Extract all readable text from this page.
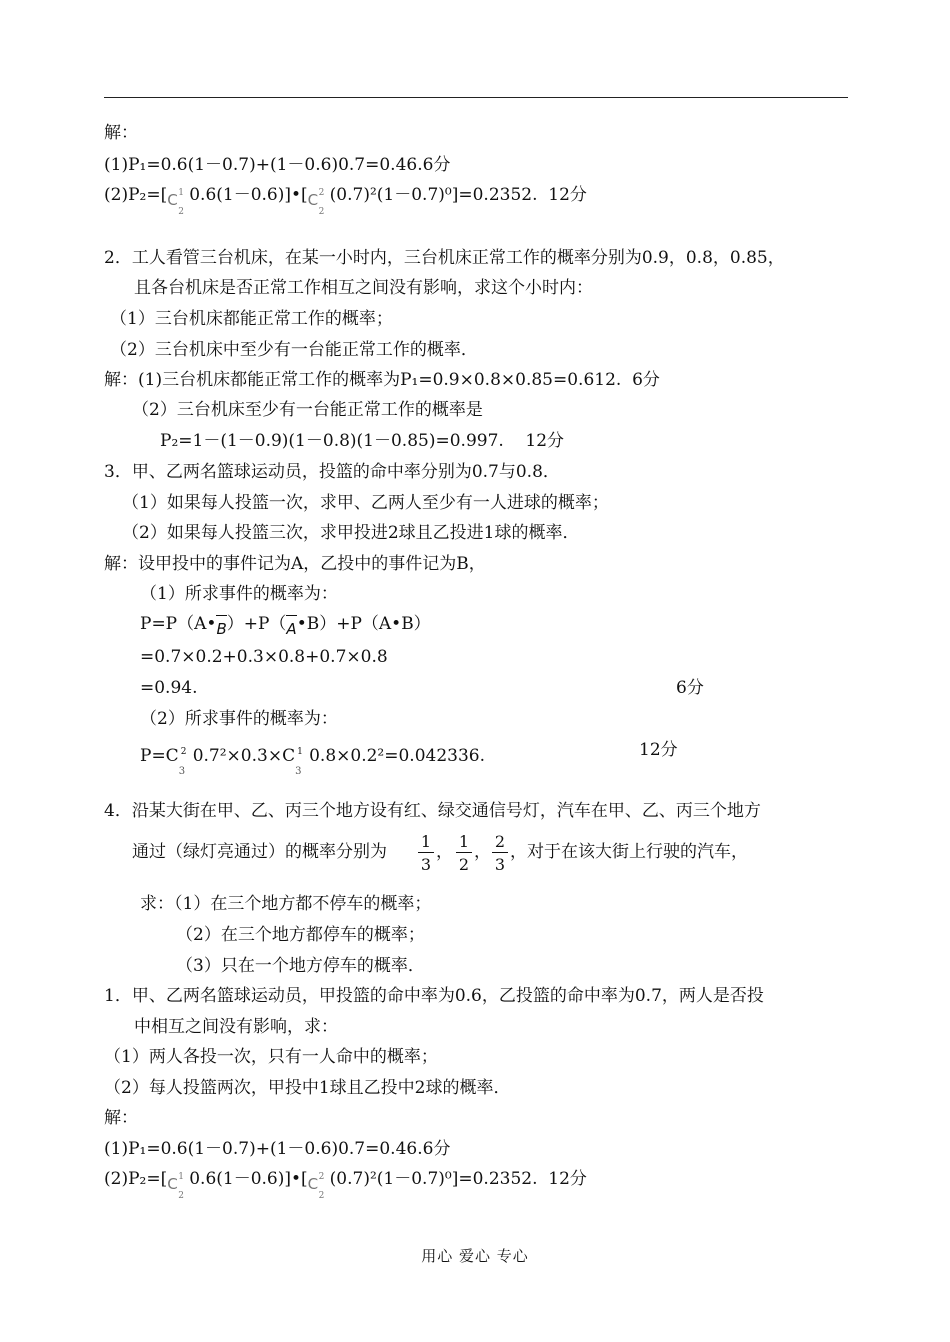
解：
(1)P₁=0.6(1－0.7)+(1－0.6)0.7=0.46.6分
(2)P₂=[ C 1
2
0.6(1－0.6)]•[ C 2
2
(0.7)²(1－0.7)⁰]=0.2352.  12分
2．工人看管三台机床，在某一小时内，三台机床正常工作的概率分别为0.9，0.8，0.85，
且各台机床是否正常工作相互之间没有影响，求这个小时内：
（1）三台机床都能正常工作的概率；
（2）三台机床中至少有一台能正常工作的概率．
解：(1)三台机床都能正常工作的概率为P₁=0.9×0.8×0.85=0.612.  6分
（2）三台机床至少有一台能正常工作的概率是
P₂=1－(1－0.9)(1－0.8)(1－0.85)=0.997.    12分
3．甲、乙两名篮球运动员，投篮的命中率分别为0.7与0.8．
（1）如果每人投篮一次，求甲、乙两人至少有一人进球的概率；
（2）如果每人投篮三次，求甲投进2球且乙投进1球的概率．
解：设甲投中的事件记为A，乙投中的事件记为B，
（1）所求事件的概率为：
P=P（A•B）+P（A•B）+P（A•B）
=0.7×0.2+0.3×0.8+0.7×0.8
=0.94.	6分
（2）所求事件的概率为：
P=C 2
3
0.7²×0.3×C 1
3
0.8×0.2²=0.042336.	12分
4．沿某大街在甲、乙、丙三个地方设有红、绿交通信号灯，汽车在甲、乙、丙三个地方
通过（绿灯亮通过）的概率分别为 $\frac{1}{3}$ ， $\frac{1}{2}$ ， $\frac{2}{3}$ ，对于在该大街上行驶的汽车，
求：（1）在三个地方都不停车的概率；
（2）在三个地方都停车的概率；
（3）只在一个地方停车的概率．
1．甲、乙两名篮球运动员，甲投篮的命中率为0.6，乙投篮的命中率为0.7，两人是否投
中相互之间没有影响，求：
（1）两人各投一次，只有一人命中的概率；
（2）每人投篮两次，甲投中1球且乙投中2球的概率．
解：
(1)P₁=0.6(1－0.7)+(1－0.6)0.7=0.46.6分
(2)P₂=[ C 1
2
0.6(1－0.6)]•[ C 2
2
(0.7)²(1－0.7)⁰]=0.2352.  12分
用心 爱心 专心
